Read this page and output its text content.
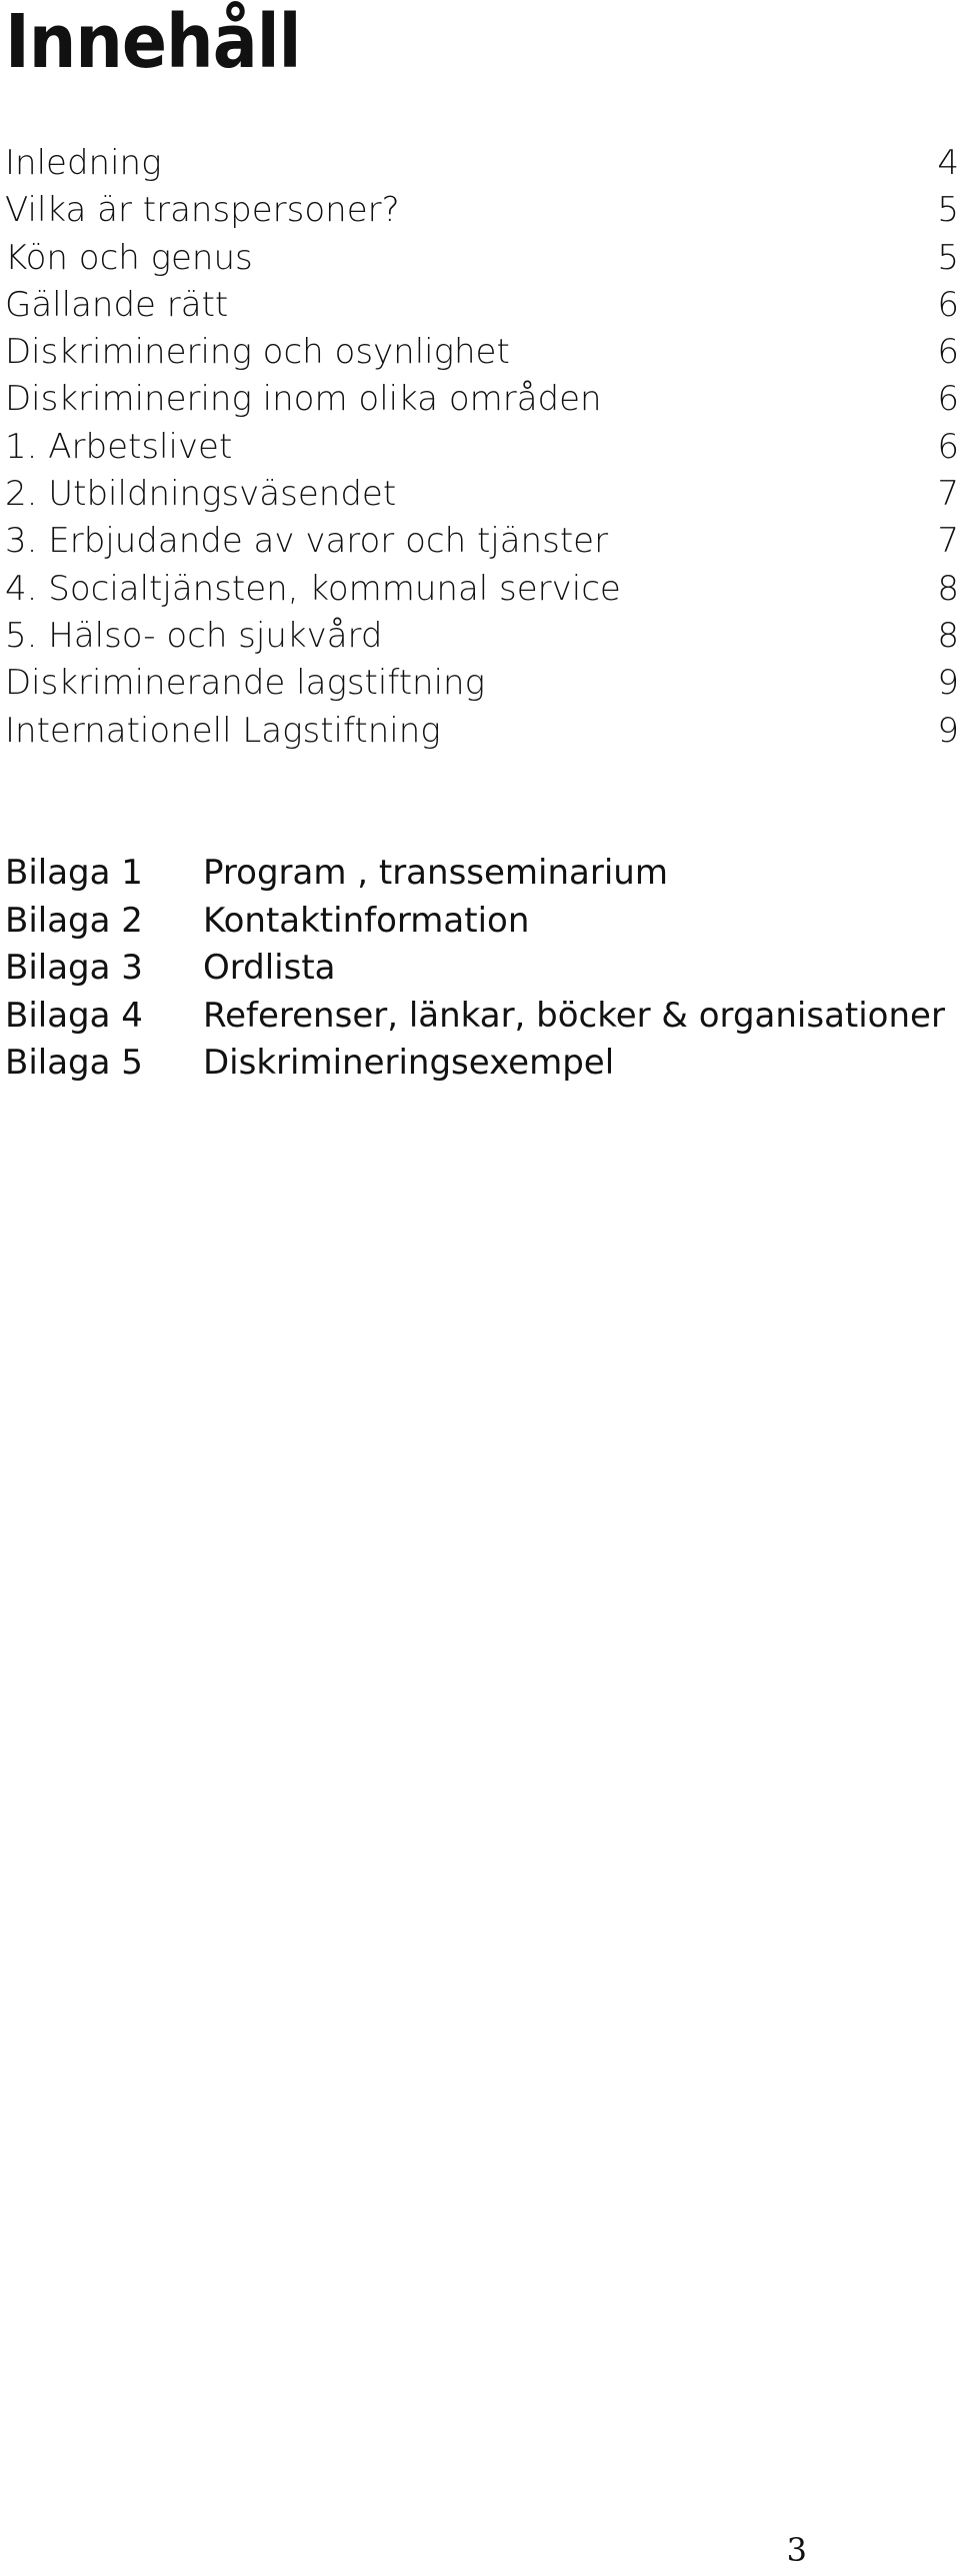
Innehåll
Inledning	4
Vilka är transpersoner?	5
Kön och genus	5
Gällande rätt	6
Diskriminering och osynlighet	6
Diskriminering inom olika områden	6
1. Arbetslivet	6
2. Utbildningsväsendet	7
3. Erbjudande av varor och tjänster	7
4. Socialtjänsten, kommunal service	8
5. Hälso- och sjukvård	8
Diskriminerande lagstiftning	9
Internationell Lagstiftning	9
Bilaga 1	Program , transseminarium
Bilaga 2	Kontaktinformation
Bilaga 3	Ordlista
Bilaga 4	Referenser, länkar, böcker & organisationer
Bilaga 5	Diskrimineringsexempel
3
